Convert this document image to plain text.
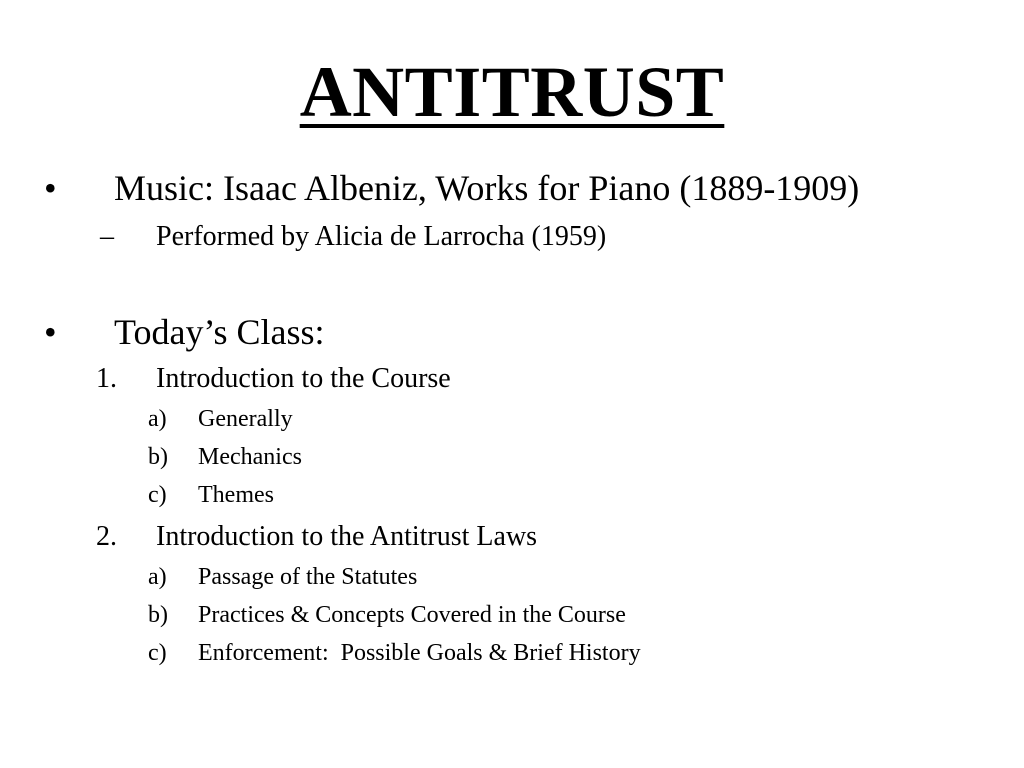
ANTITRUST
• Music: Isaac Albeniz, Works for Piano (1889-1909)
– Performed by Alicia de Larrocha (1959)
• Today’s Class:
1. Introduction to the Course
a) Generally
b) Mechanics
c) Themes
2. Introduction to the Antitrust Laws
a) Passage of the Statutes
b) Practices & Concepts Covered in the Course
c) Enforcement:  Possible Goals & Brief History
